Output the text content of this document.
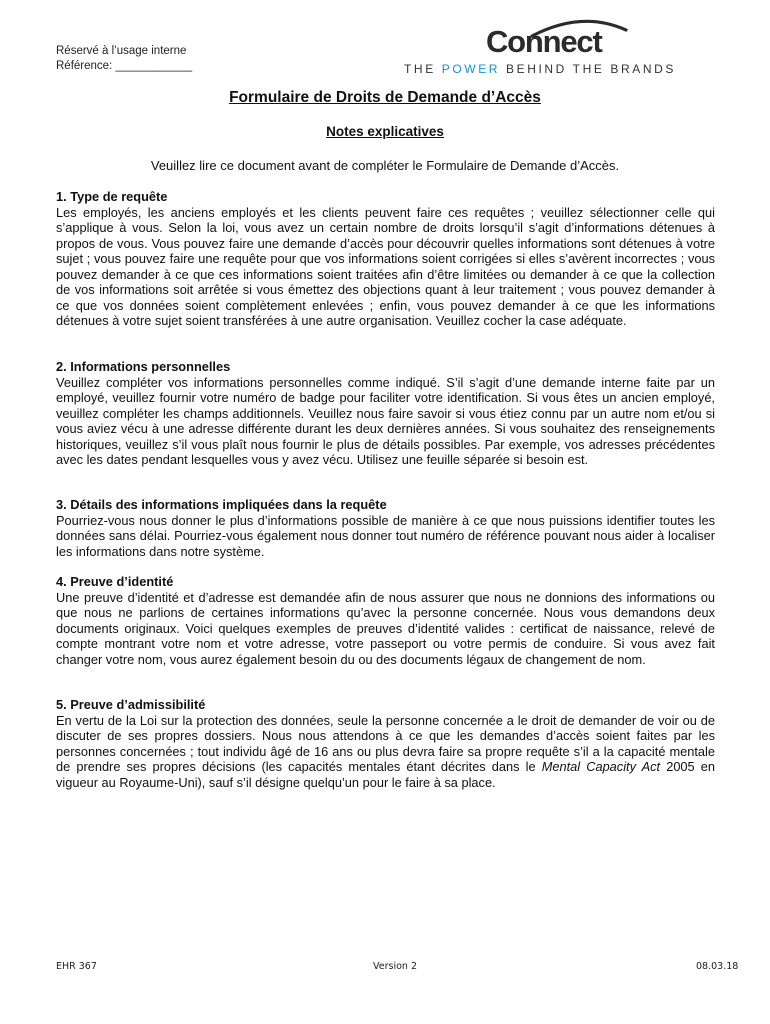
Réservé à l’usage interne
Référence: ____________
Connect
THE POWER BEHIND THE BRANDS
Formulaire de Droits de Demande d’Accès
Notes explicatives
Veuillez lire ce document avant de compléter le Formulaire de Demande d’Accès.
1. Type de requête

Les employés, les anciens employés et les clients peuvent faire ces requêtes ; veuillez sélectionner celle qui s’applique à vous. Selon la loi, vous avez un certain nombre de droits lorsqu’il s’agit d’informations détenues à propos de vous. Vous pouvez faire une demande d’accès pour découvrir quelles informations sont détenues à votre sujet ; vous pouvez faire une requête pour que vos informations soient corrigées si elles s’avèrent incorrectes ; vous pouvez demander à ce que ces informations soient traitées afin d’être limitées ou demander à ce que la collection de vos informations soit arrêtée si vous émettez des objections quant à leur traitement ; vous pouvez demander à ce que vos données soient complètement enlevées ; enfin, vous pouvez demander à ce que les informations détenues à votre sujet soient transférées à une autre organisation. Veuillez cocher la case adéquate.

2. Informations personnelles

Veuillez compléter vos informations personnelles comme indiqué. S’il s’agit d’une demande interne faite par un employé, veuillez fournir votre numéro de badge pour faciliter votre identification. Si vous êtes un ancien employé, veuillez compléter les champs additionnels. Veuillez nous faire savoir si vous étiez connu par un autre nom et/ou si vous aviez vécu à une adresse différente durant les deux dernières années. Si vous souhaitez des renseignements historiques, veuillez s’il vous plaît nous fournir le plus de détails possibles. Par exemple, vos adresses précédentes avec les dates pendant lesquelles vous y avez vécu. Utilisez une feuille séparée si besoin est.

3. Détails des informations impliquées dans la requête

Pourriez-vous nous donner le plus d’informations possible de manière à ce que nous puissions identifier toutes les données sans délai. Pourriez-vous également nous donner tout numéro de référence pouvant nous aider à localiser les informations dans notre système.

4. Preuve d’identité

Une preuve d’identité et d’adresse est demandée afin de nous assurer que nous ne donnions des informations ou que nous ne parlions de certaines informations qu’avec la personne concernée. Nous vous demandons deux documents originaux. Voici quelques exemples de preuves d’identité valides : certificat de naissance, relevé de compte montrant votre nom et votre adresse, votre passeport ou votre permis de conduire. Si vous avez fait changer votre nom, vous aurez également besoin du ou des documents légaux de changement de nom.

5. Preuve d’admissibilité

En vertu de la Loi sur la protection des données, seule la personne concernée a le droit de demander de voir ou de discuter de ses propres dossiers. Nous nous attendons à ce que les demandes d’accès soient faites par les personnes concernées ; tout individu âgé de 16 ans ou plus devra faire sa propre requête s’il a la capacité mentale de prendre ses propres décisions (les capacités mentales étant décrites dans le Mental Capacity Act 2005 en vigueur au Royaume-Uni), sauf s’il désigne quelqu’un pour le faire à sa place.

EHR 367	Version 2	08.03.18
